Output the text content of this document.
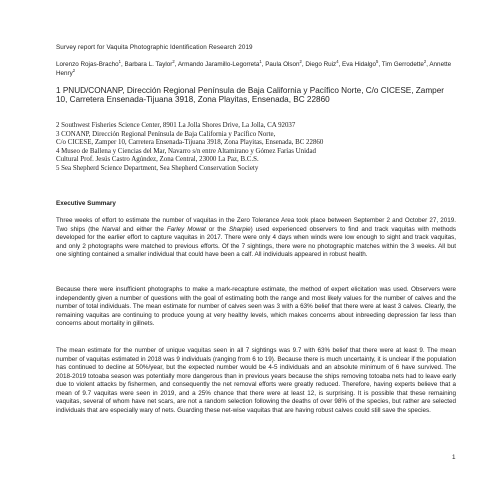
Survey report for Vaquita Photographic Identification Research 2019
Lorenzo Rojas-Bracho$^1$, Barbara L. Taylor$^2$, Armando Jaramillo-Legorreta$^1$, Paula Olson$^2$, Diego Ruiz$^4$, Eva Hidalgo$^5$, Tim Gerrodette$^2$, Annette Henry$^2$
1 PNUD/CONANP, Dirección Regional Península de Baja California y Pacífico Norte, C/o CICESE, Zamper 10, Carretera Ensenada-Tijuana 3918, Zona Playitas, Ensenada, BC 22860
2 Southwest Fisheries Science Center, 8901 La Jolla Shores Drive, La Jolla, CA 92037
3 CONANP, Dirección Regional Península de Baja California y Pacífico Norte,
C/o CICESE, Zamper 10, Carretera Ensenada-Tijuana 3918, Zona Playitas, Ensenada, BC 22860
4 Museo de Ballena y Ciencias del Mar, Navarro s/n entre Altamirano y Gómez Farías Unidad
Cultural Prof. Jesús Castro Agúndez, Zona Central, 23000 La Paz, B.C.S.
5 Sea Shepherd Science Department, Sea Shepherd Conservation Society
Executive Summary

Three weeks of effort to estimate the number of vaquitas in the Zero Tolerance Area took place between September 2 and October 27, 2019. Two ships (the Narval and either the Farley Mowat or the Sharpie) used experienced observers to find and track vaquitas with methods developed for the earlier effort to capture vaquitas in 2017. There were only 4 days when winds were low enough to sight and track vaquitas, and only 2 photographs were matched to previous efforts. Of the 7 sightings, there were no photographic matches within the 3 weeks. All but one sighting contained a smaller individual that could have been a calf. All individuals appeared in robust health.

Because there were insufficient photographs to make a mark-recapture estimate, the method of expert elicitation was used. Observers were independently given a number of questions with the goal of estimating both the range and most likely values for the number of calves and the number of total individuals. The mean estimate for number of calves seen was 3 with a 63% belief that there were at least 3 calves. Clearly, the remaining vaquitas are continuing to produce young at very healthy levels, which makes concerns about inbreeding depression far less than concerns about mortality in gillnets.

The mean estimate for the number of unique vaquitas seen in all 7 sightings was 9.7 with 63% belief that there were at least 9. The mean number of vaquitas estimated in 2018 was 9 individuals (ranging from 6 to 19). Because there is much uncertainty, it is unclear if the population has continued to decline at 50%/year, but the expected number would be 4-5 individuals and an absolute minimum of 6 have survived. The 2018-2019 totoaba season was potentially more dangerous than in previous years because the ships removing totoaba nets had to leave early due to violent attacks by fishermen, and consequently the net removal efforts were greatly reduced. Therefore, having experts believe that a mean of 9.7 vaquitas were seen in 2019, and a 25% chance that there were at least 12, is surprising. It is possible that these remaining vaquitas, several of whom have net scars, are not a random selection following the deaths of over 98% of the species, but rather are selected individuals that are especially wary of nets. Guarding these net-wise vaquitas that are having robust calves could still save the species.

1
